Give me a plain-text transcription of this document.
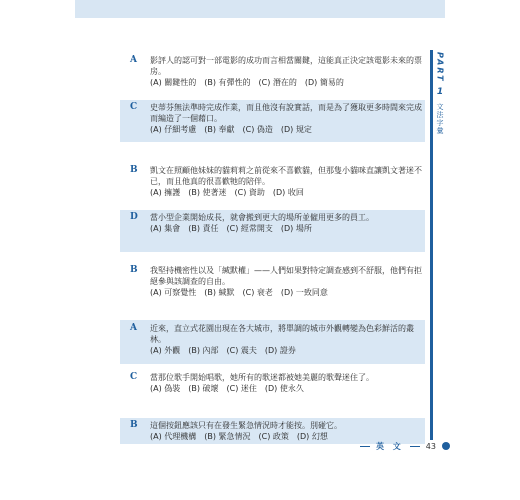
PART
1
文法字彙
A	影評人的認可對一部電影的成功而言相當關鍵，這能真正決定該電影未來的票房。
(A) 關鍵性的　(B) 有彈性的　(C) 潛在的　(D) 簡易的
C	史蒂芬無法準時完成作業，而且他沒有說實話，而是為了獲取更多時間來完成而編造了一個藉口。
(A) 仔細考慮　(B) 奉獻　(C) 偽造　(D) 規定
B	凱文在照顧他妹妹的貓莉莉之前從來不喜歡貓，但那隻小貓咪直讓凱文著迷不已，而且他真的很喜歡牠的陪伴。
(A) 擁護　(B) 使著迷　(C) 資助　(D) 收回
D	當小型企業開始成長，就會搬到更大的場所並僱用更多的員工。
(A) 集會　(B) 責任　(C) 經常開支　(D) 場所
B	我堅持機密性以及「緘默權」——人們如果對特定調查感到不舒服，他們有拒絕參與該調查的自由。
(A) 可察覺性　(B) 緘默　(C) 衰老　(D) 一致同意
A	近來，直立式花園出現在各大城市，將單調的城市外觀轉變為色彩鮮活的叢林。
(A) 外觀　(B) 內部　(C) 震夫　(D) 證券
C	當那位歌手開始唱歌，她所有的歌迷都被她美麗的歌聲迷住了。
(A) 偽裝　(B) 破壞　(C) 迷住　(D) 使永久
B	這個按鈕應該只有在發生緊急情況時才能按。別碰它。
(A) 代理機構　(B) 緊急情況　(C) 政策　(D) 幻想
英 文	43
